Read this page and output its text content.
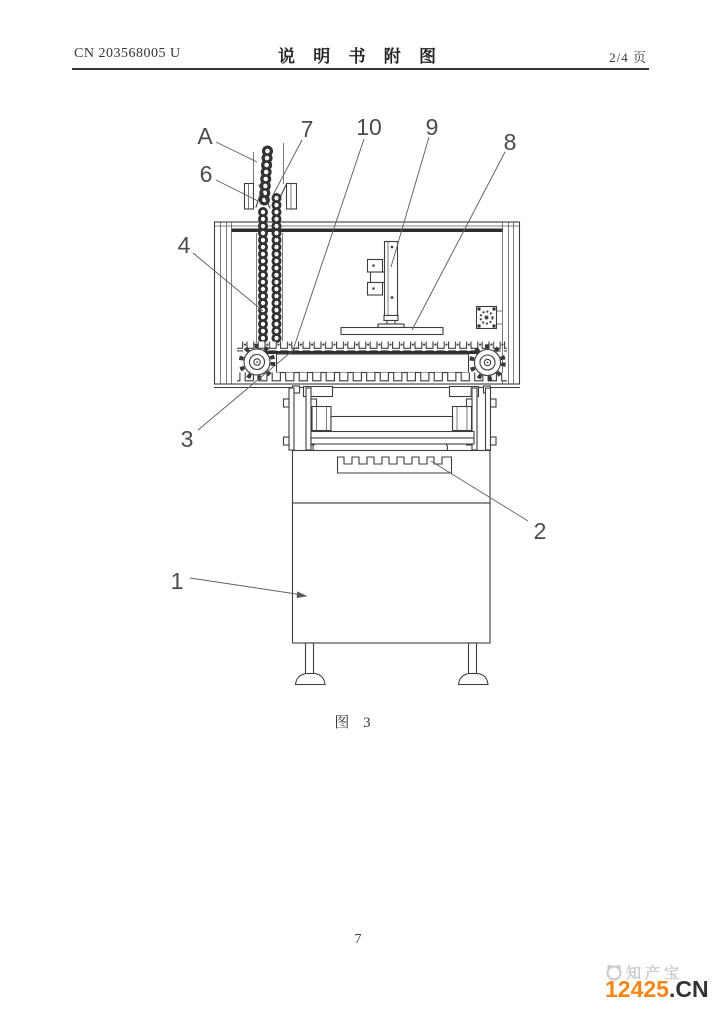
CN 203568005 U	说 明 书 附 图	2/4 页
A	7 10 9
8
6
4
3
2
1
图 3
7
知产宝
12425.CN
